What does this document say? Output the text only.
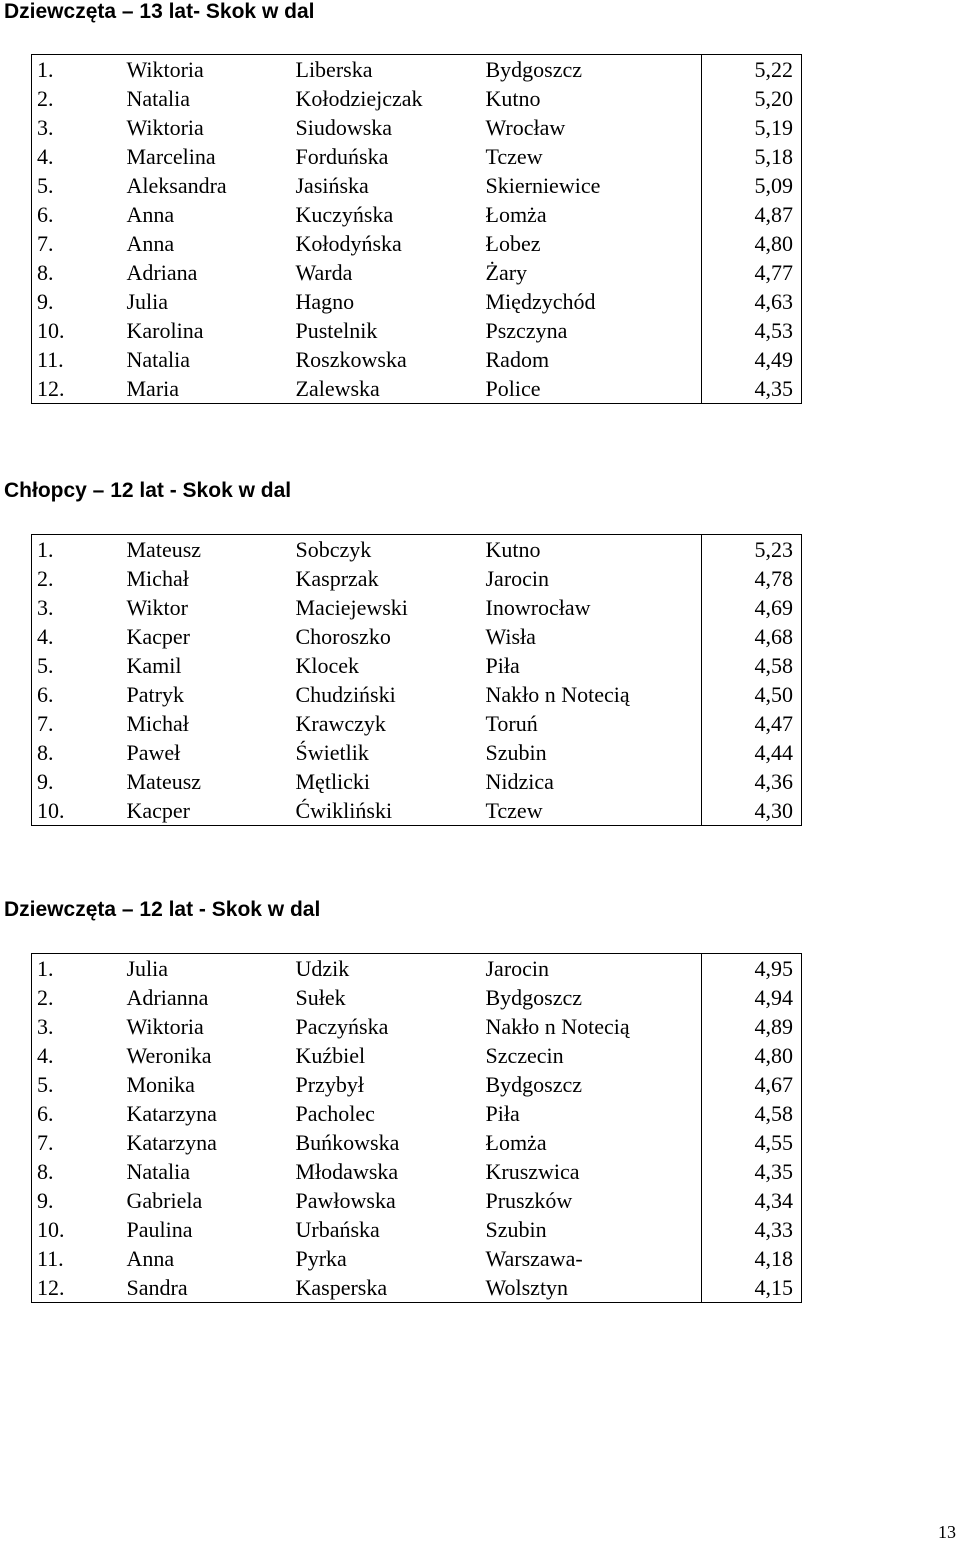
Dziewczęta – 13 lat- Skok w dal
1.	Wiktoria	Liberska	Bydgoszcz	5,22
2.	Natalia	Kołodziejczak	Kutno	5,20
3.	Wiktoria	Siudowska	Wrocław	5,19
4.	Marcelina	Forduńska	Tczew	5,18
5.	Aleksandra	Jasińska	Skierniewice	5,09
6.	Anna	Kuczyńska	Łomża	4,87
7.	Anna	Kołodyńska	Łobez	4,80
8.	Adriana	Warda	Żary	4,77
9.	Julia	Hagno	Międzychód	4,63
10.	Karolina	Pustelnik	Pszczyna	4,53
11.	Natalia	Roszkowska	Radom	4,49
12.	Maria	Zalewska	Police	4,35
Chłopcy – 12 lat - Skok w dal
1.	Mateusz	Sobczyk	Kutno	5,23
2.	Michał	Kasprzak	Jarocin	4,78
3.	Wiktor	Maciejewski	Inowrocław	4,69
4.	Kacper	Choroszko	Wisła	4,68
5.	Kamil	Klocek	Piła	4,58
6.	Patryk	Chudziński	Nakło n Notecią	4,50
7.	Michał	Krawczyk	Toruń	4,47
8.	Paweł	Świetlik	Szubin	4,44
9.	Mateusz	Mętlicki	Nidzica	4,36
10.	Kacper	Ćwikliński	Tczew	4,30
Dziewczęta – 12 lat - Skok w dal
1.	Julia	Udzik	Jarocin	4,95
2.	Adrianna	Sułek	Bydgoszcz	4,94
3.	Wiktoria	Paczyńska	Nakło n Notecią	4,89
4.	Weronika	Kuźbiel	Szczecin	4,80
5.	Monika	Przybył	Bydgoszcz	4,67
6.	Katarzyna	Pacholec	Piła	4,58
7.	Katarzyna	Buńkowska	Łomża	4,55
8.	Natalia	Młodawska	Kruszwica	4,35
9.	Gabriela	Pawłowska	Pruszków	4,34
10.	Paulina	Urbańska	Szubin	4,33
11.	Anna	Pyrka	Warszawa-	4,18
12.	Sandra	Kasperska	Wolsztyn	4,15
13
